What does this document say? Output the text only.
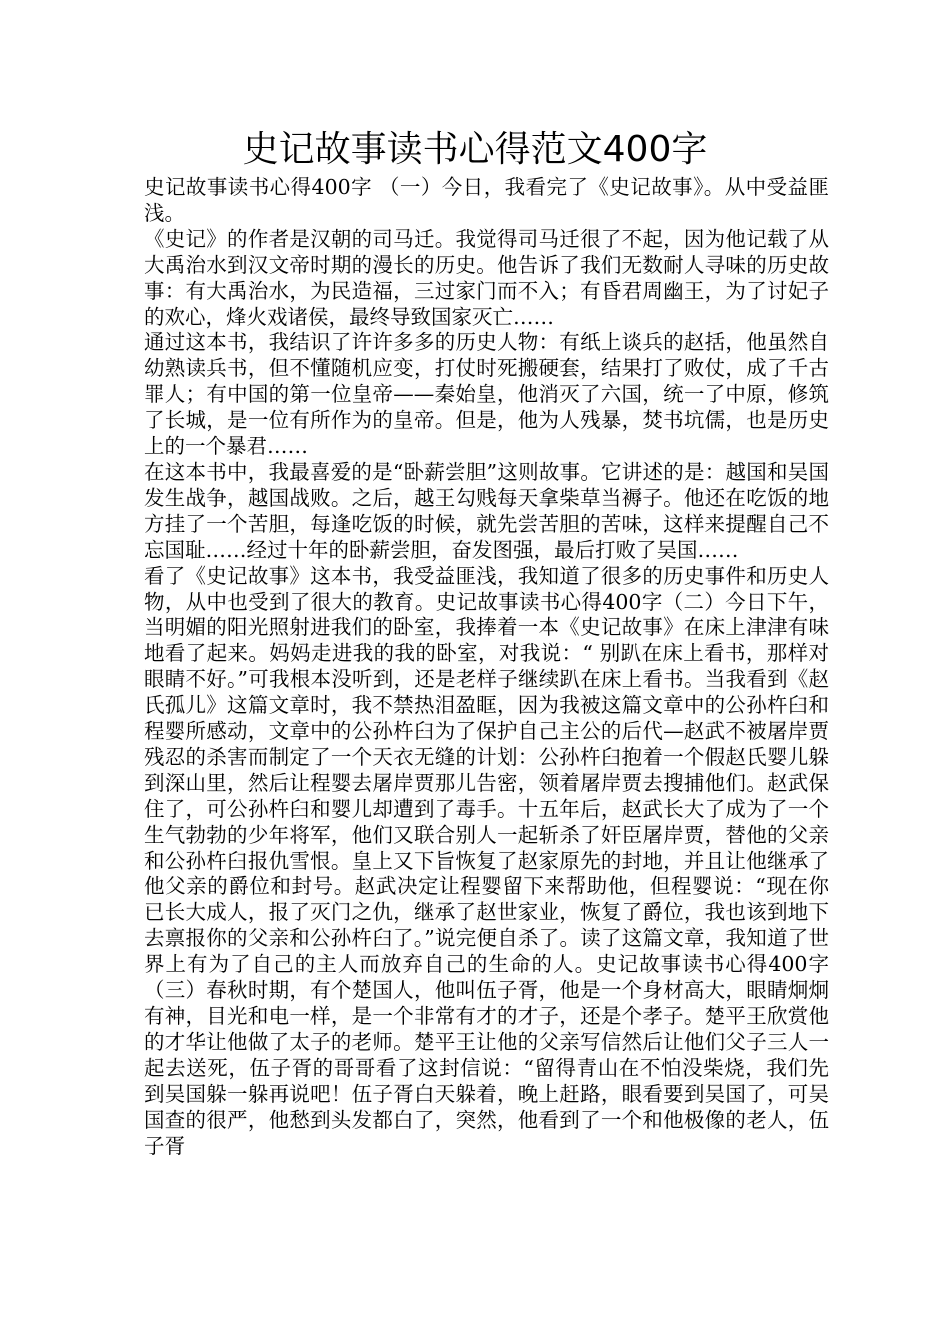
史记故事读书心得范文400字

史记故事读书心得400字 （一）今日，我看完了《史记故事》。从中受益匪浅。

《史记》的作者是汉朝的司马迁。我觉得司马迁很了不起，因为他记载了从大禹治水到汉文帝时期的漫长的历史。他告诉了我们无数耐人寻味的历史故事：有大禹治水，为民造福，三过家门而不入；有昏君周幽王，为了讨妃子的欢心，烽火戏诸侯，最终导致国家灭亡……

通过这本书，我结识了许许多多的历史人物：有纸上谈兵的赵括，他虽然自幼熟读兵书，但不懂随机应变，打仗时死搬硬套，结果打了败仗，成了千古罪人；有中国的第一位皇帝——秦始皇，他消灭了六国，统一了中原，修筑了长城，是一位有所作为的皇帝。但是，他为人残暴，焚书坑儒，也是历史上的一个暴君……

在这本书中，我最喜爱的是“卧薪尝胆”这则故事。它讲述的是：越国和吴国发生战争，越国战败。之后，越王勾贱每天拿柴草当褥子。他还在吃饭的地方挂了一个苦胆，每逢吃饭的时候，就先尝苦胆的苦味，这样来提醒自己不忘国耻……经过十年的卧薪尝胆，奋发图强，最后打败了吴国……

看了《史记故事》这本书，我受益匪浅，我知道了很多的历史事件和历史人物，从中也受到了很大的教育。史记故事读书心得400字（二）今日下午，当明媚的阳光照射进我们的卧室，我捧着一本《史记故事》在床上津津有味地看了起来。妈妈走进我的我的卧室，对我说：“ 别趴在床上看书，那样对眼睛不好。”可我根本没听到，还是老样子继续趴在床上看书。当我看到《赵氏孤儿》这篇文章时，我不禁热泪盈眶，因为我被这篇文章中的公孙杵臼和程婴所感动，文章中的公孙杵臼为了保护自己主公的后代—赵武不被屠岸贾残忍的杀害而制定了一个天衣无缝的计划：公孙杵臼抱着一个假赵氏婴儿躲到深山里，然后让程婴去屠岸贾那儿告密，领着屠岸贾去搜捕他们。赵武保住了，可公孙杵臼和婴儿却遭到了毒手。十五年后，赵武长大了成为了一个生气勃勃的少年将军，他们又联合别人一起斩杀了奸臣屠岸贾，替他的父亲和公孙杵臼报仇雪恨。皇上又下旨恢复了赵家原先的封地，并且让他继承了他父亲的爵位和封号。赵武决定让程婴留下来帮助他，但程婴说：“现在你已长大成人，报了灭门之仇，继承了赵世家业，恢复了爵位，我也该到地下去禀报你的父亲和公孙杵臼了。”说完便自杀了。读了这篇文章，我知道了世界上有为了自己的主人而放弃自己的生命的人。史记故事读书心得400字（三）春秋时期，有个楚国人，他叫伍子胥，他是一个身材高大，眼睛炯炯有神，目光和电一样，是一个非常有才的才子，还是个孝子。楚平王欣赏他的才华让他做了太子的老师。楚平王让他的父亲写信然后让他们父子三人一起去送死，伍子胥的哥哥看了这封信说：“留得青山在不怕没柴烧，我们先到吴国躲一躲再说吧！伍子胥白天躲着，晚上赶路，眼看要到吴国了，可吴国查的很严，他愁到头发都白了，突然，他看到了一个和他极像的老人，伍子胥
